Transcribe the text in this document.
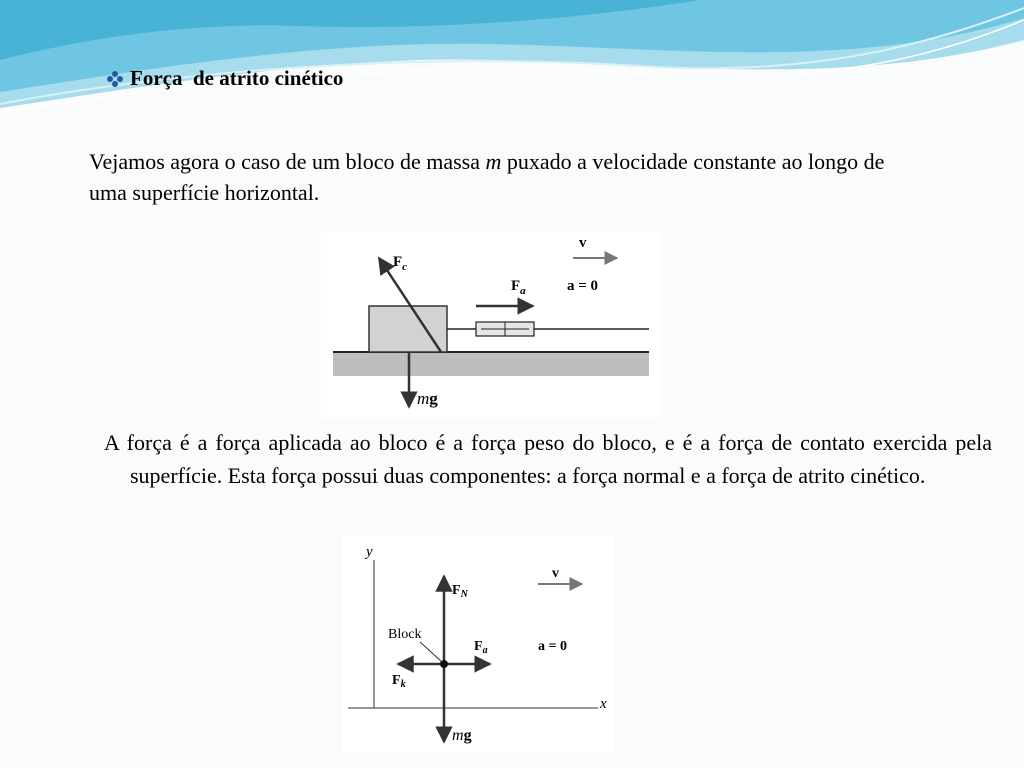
Força  de atrito cinético
Vejamos agora o caso de um bloco de massa m puxado a velocidade constante ao longo de uma superfície horizontal.
$F_c$
$F_a$
v
a = 0
mg
A força é a força aplicada ao bloco é a força peso do bloco, e é a força de contato exercida pela superfície. Esta força possui duas componentes: a força normal e a força de atrito cinético.
y
x
$F_N$
v
Block
$F_a$	a = 0
$F_k$
mg
